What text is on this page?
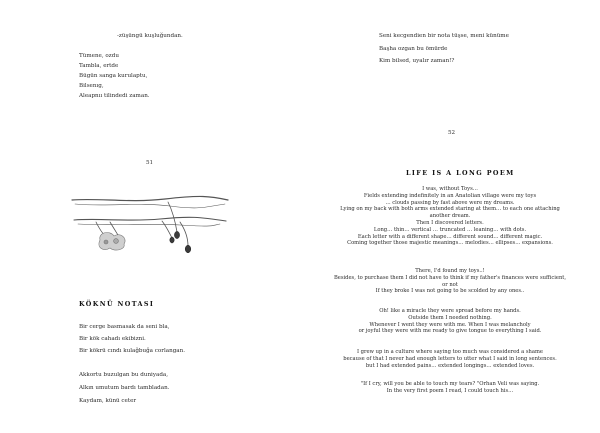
-züşüngü kuşluğundan.
Tümene, ozdu
Tambla, ertde
Bügün sanga kurulaptu,
Bilsenıg,
Aleapnıı tilindedi zaman.
51
KÖKNÜ NOTASI
Bir cerge basmasak da seni bla,
Bir kök cahadı ekibizni.
Bir kökrü cındı kulağbuğa corlangan.
Akkortu buzulgan bu duniyada,
Alkın umutum bardı tambladan.
Kaydam, künü ceter
Seni kecgendien bir nota tüşse, meni künüme
Başha ozgan bu ömürde
Kim bilsed, uyalır zaman!?
52
LIFE IS A LONG POEM
I was, without Toys…
Fields extending indefinitely in an Anatolian village were my toys
… clouds passing by fast above were my dreams.
Lying on my back with both arms extended staring at them… to each one attaching
another dream.
Then I discovered letters.
Long… thin… vertical … truncated … leaning… with dots.
Each letter with a different shape… different sound… different magic.
Coming together those majestic meanings… melodies… ellipses… expansions.
There, I'd found my toys..!
Besides, to purchase them I did not have to think if my father's finances were sufficient,
or not
If they broke I was not going to be scolded by any ones..
Oh! like a miracle they were spread before my hands.
Outside them I needed nothing.
Whenever I went they were with me. When I was melancholy
or joyful they were with me ready to give tongue to everything I said.
I grew up in a culture where saying too much was considered a shame
because of that I never had enough letters to utter what I said in long sentences.
but I had extended pains… extended longings… extended loves.
"If I cry, will you be able to touch my tears? "Orhan Veli was saying.
In the very first poem I read, I could touch his…
